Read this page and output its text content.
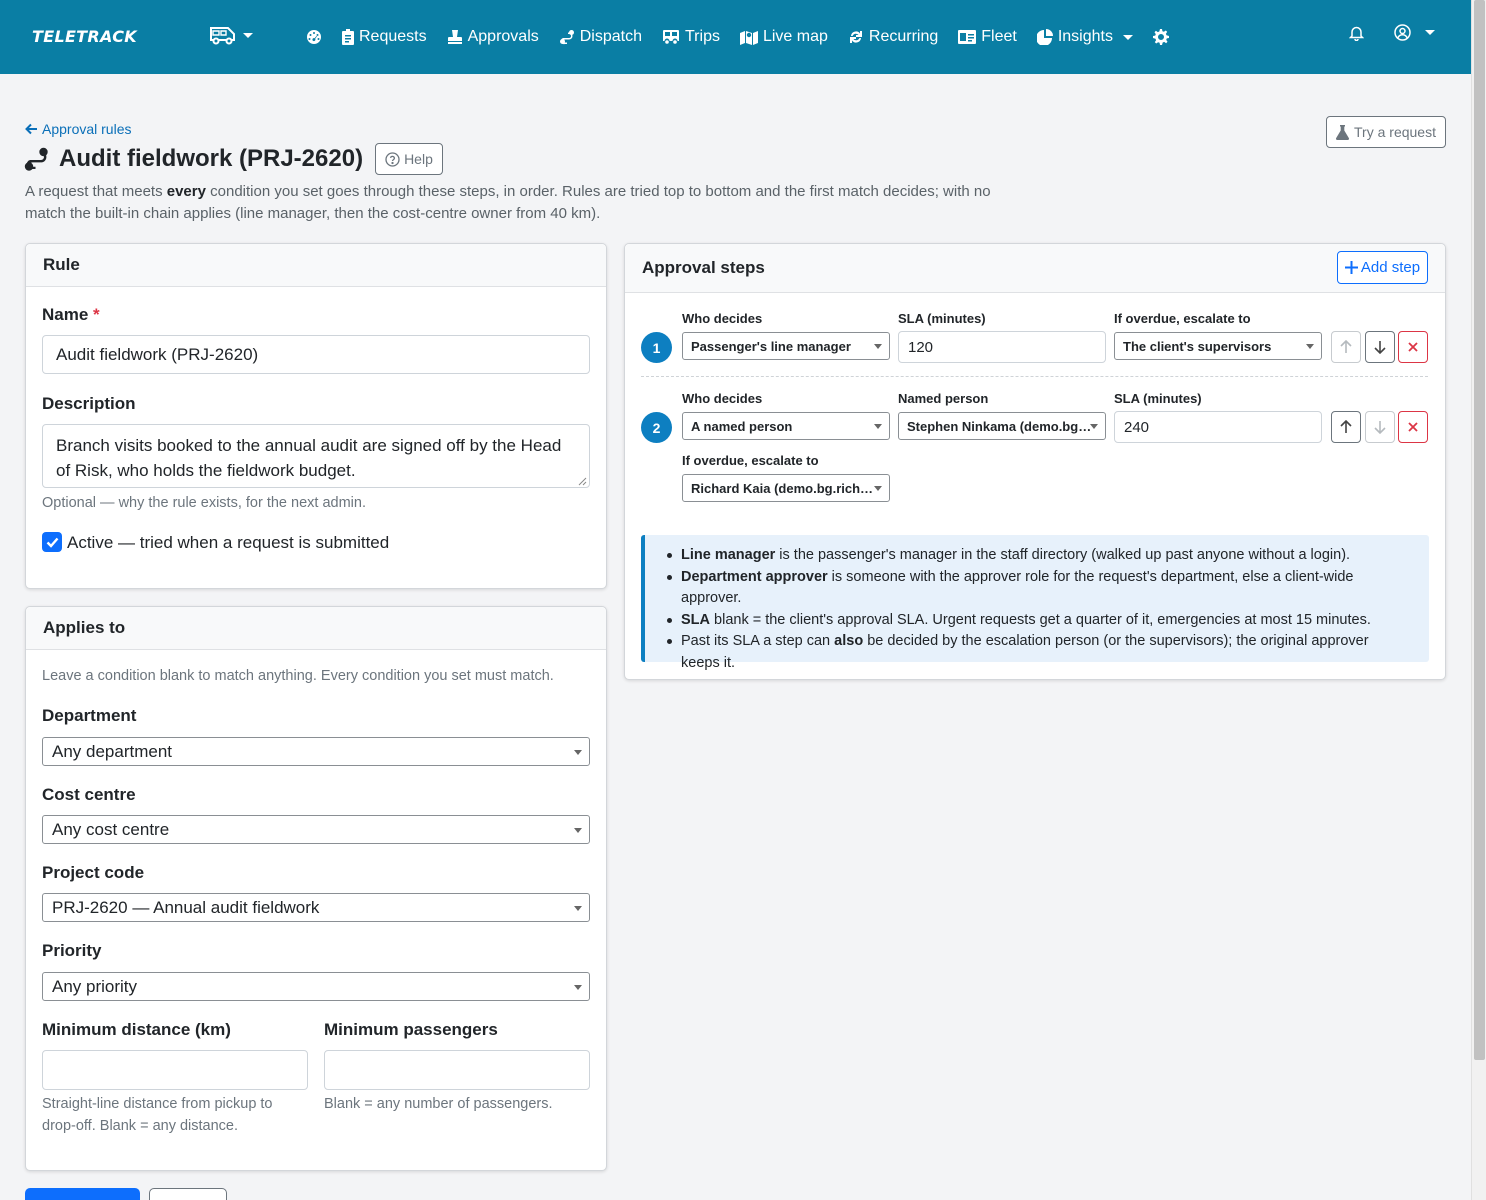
TELETRACK	Requests	Approvals	Dispatch	Trips	Live map	Recurring	Fleet	Insights
Approval rules	Try a request
Audit fieldwork (PRJ-2620)	Help
A request that meets every condition you set goes through these steps, in order. Rules are tried top to bottom and the first match decides; with no match the built-in chain applies (line manager, then the cost-centre owner from 40 km).
Rule
Name *
Audit fieldwork (PRJ-2620)
Description
Branch visits booked to the annual audit are signed off by the Head of Risk, who holds the fieldwork budget.
Optional — why the rule exists, for the next admin.
Active — tried when a request is submitted
Applies to
Leave a condition blank to match anything. Every condition you set must match.
Department
Any department
Cost centre
Any cost centre
Project code
PRJ-2620 — Annual audit fieldwork
Priority
Any priority
Minimum distance (km)
Straight-line distance from pickup to drop-off. Blank = any distance.
Minimum passengers
Blank = any number of passengers.
Approval steps	Add step
1
Who decides
Passenger's line manager
SLA (minutes)
120
If overdue, escalate to
The client's supervisors
2
Who decides
A named person
Named person
Stephen Ninkama (demo.bg…
SLA (minutes)
240
If overdue, escalate to
Richard Kaia (demo.bg.rich…
Line manager is the passenger's manager in the staff directory (walked up past anyone without a login).
Department approver is someone with the approver role for the request's department, else a client-wide approver.
SLA blank = the client's approval SLA. Urgent requests get a quarter of it, emergencies at most 15 minutes.
Past its SLA a step can also be decided by the escalation person (or the supervisors); the original approver keeps it.
